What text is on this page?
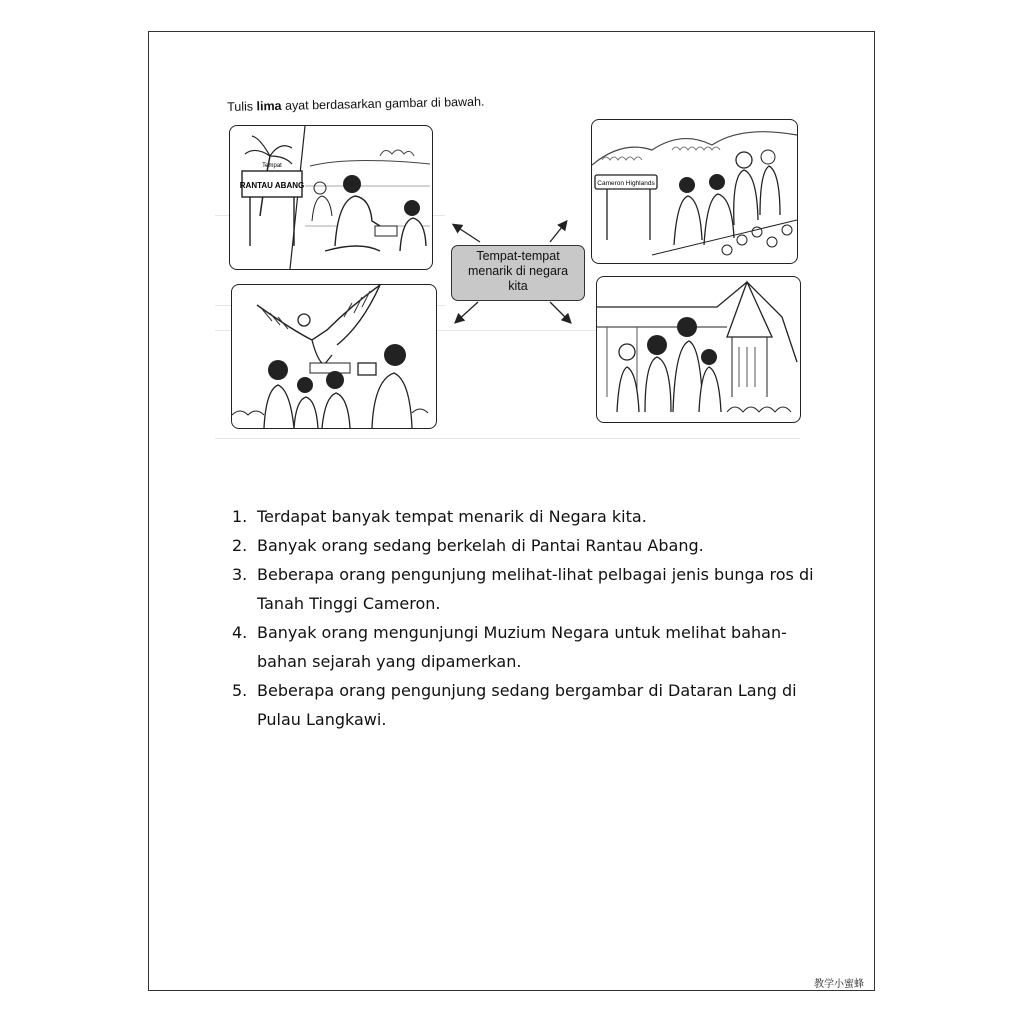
Tulis lima ayat berdasarkan gambar di bawah.
Tempat
RANTAU ABANG	Cameron Highlands
Tempat-tempat
menarik di negara
kita
1. Terdapat banyak tempat menarik di Negara kita.
2. Banyak orang sedang berkelah di Pantai Rantau Abang.
3. Beberapa orang pengunjung melihat-lihat pelbagai jenis bunga ros di Tanah Tinggi Cameron.
4. Banyak orang mengunjungi Muzium Negara untuk melihat bahan-bahan sejarah yang dipamerkan.
5. Beberapa orang pengunjung sedang bergambar di Dataran Lang di Pulau Langkawi.
教学小蜜蜂
